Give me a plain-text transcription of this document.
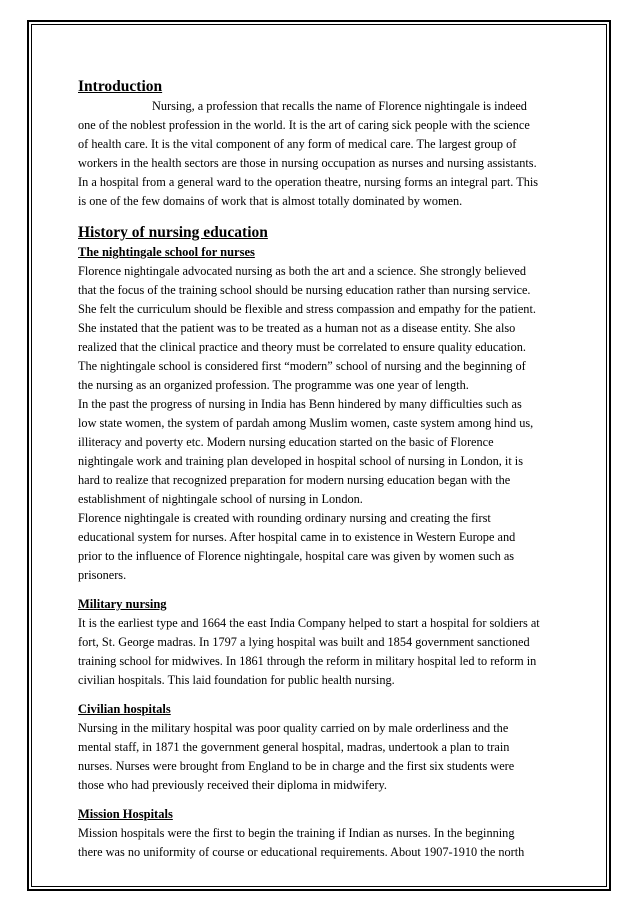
Introduction
Nursing, a profession that recalls the name of Florence nightingale is indeed
one of the noblest profession in the world. It is the art of caring sick people with the science
of health care. It is the vital component of any form of medical care. The largest group of
workers in the health sectors are those in nursing occupation as nurses and nursing assistants.
In a hospital from a general ward to the operation theatre, nursing forms an integral part. This
is one of the few domains of work that is almost totally dominated by women.
History of nursing education
The nightingale school for nurses
Florence nightingale advocated nursing as both the art and a science. She strongly believed
that the focus of the training school should be nursing education rather than nursing service.
She felt the curriculum should be flexible and stress compassion and empathy for the patient.
She instated that the patient was to be treated as a human not as a disease entity. She also
realized that the clinical practice and theory must be correlated to ensure quality education.
The nightingale school is considered first “modern” school of nursing and the beginning of
the nursing as an organized profession. The programme was one year of length.
In the past the progress of nursing in India has Benn hindered by many difficulties such as
low state women, the system of pardah among Muslim women, caste system among hind us,
illiteracy and poverty etc. Modern nursing education started on the basic of Florence
nightingale work and training plan developed in hospital school of nursing in London, it is
hard to realize that recognized preparation for modern nursing education began with the
establishment of nightingale school of nursing in London.
Florence nightingale is created with rounding ordinary nursing and creating the first
educational system for nurses. After hospital came in to existence in Western Europe and
prior to the influence of Florence nightingale, hospital care was given by women such as
prisoners.
Military nursing
It is the earliest type and 1664 the east India Company helped to start a hospital for soldiers at
fort, St. George madras. In 1797 a lying hospital was built and 1854 government sanctioned
training school for midwives. In 1861 through the reform in military hospital led to reform in
civilian hospitals. This laid foundation for public health nursing.
Civilian hospitals
Nursing in the military hospital was poor quality carried on by male orderliness and the
mental staff, in 1871 the government general hospital, madras, undertook a plan to train
nurses. Nurses were brought from England to be in charge and the first six students were
those who had previously received their diploma in midwifery.
Mission Hospitals
Mission hospitals were the first to begin the training if Indian as nurses. In the beginning
there was no uniformity of course or educational requirements. About 1907-1910 the north
